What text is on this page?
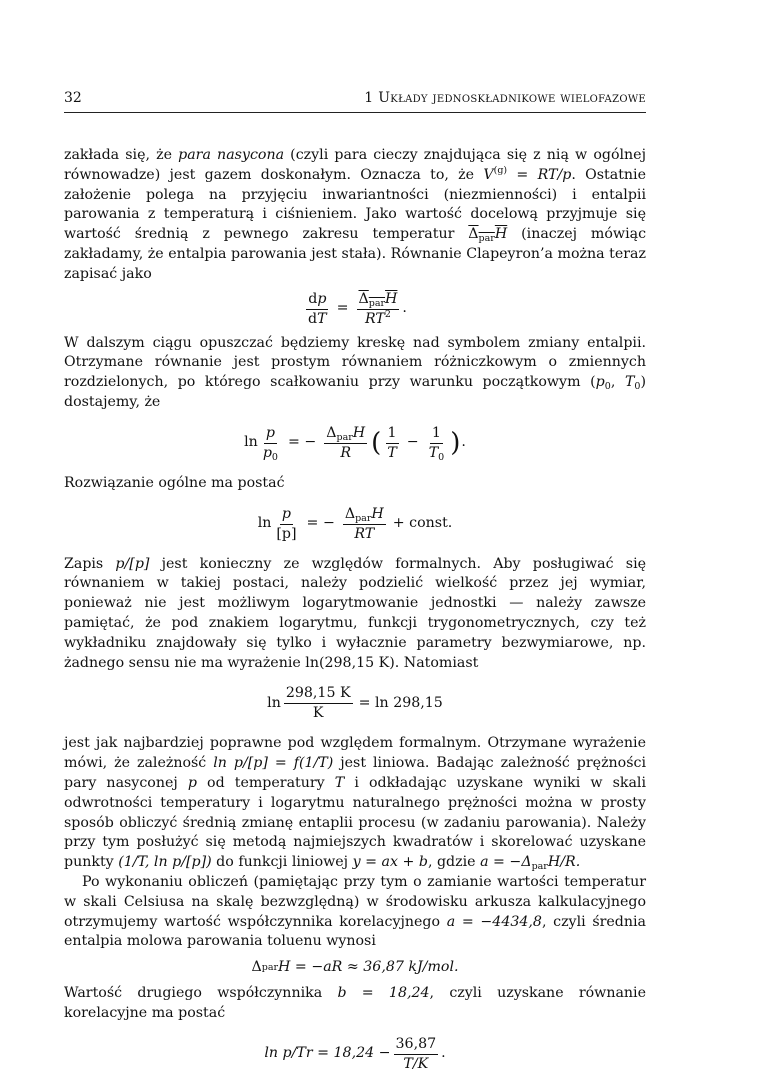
32	1 Układy jednoskładnikowe wielofazowe

zakłada się, że para nasycona (czyli para cieczy znajdująca się z nią w ogólnej równowadze) jest gazem doskonałym. Oznacza to, że $V^{(g)} = RT/p$. Ostatnie założenie polega na przyjęciu inwariantności (niezmienności) i entalpii parowania z temperaturą i ciśnieniem. Jako wartość docelową przyjmuje się wartość średnią z pewnego zakresu temperatur $\Delta_{par}H$ (inaczej mówiąc zakładamy, że entalpia parowania jest stała). Równanie Clapeyron’a można teraz zapisać jako

$\frac{dp}{dT} = \frac{\Delta_{par}H}{RT^2}$ .

W dalszym ciągu opuszczać będziemy kreskę nad symbolem zmiany entalpii. Otrzymane równanie jest prostym równaniem różniczkowym o zmiennych rozdzielonych, po którego scałkowaniu przy warunku początkowym ($p_0$, $T_0$) dostajemy, że

$\ln \frac{p}{p_0}$ = − $\frac{\Delta_{par}H}{R}$ ( $\frac{1}{T} - \frac{1}{T_0}$ ) .

Rozwiązanie ogólne ma postać

$\ln \frac{p}{[p]}$ = − $\frac{\Delta_{par}H}{RT}$ + const.

Zapis p/[p] jest konieczny ze względów formalnych. Aby posługiwać się równaniem w takiej postaci, należy podzielić wielkość przez jej wymiar, ponieważ nie jest możliwym logarytmowanie jednostki — należy zawsze pamiętać, że pod znakiem logarytmu, funkcji trygonometrycznych, czy też wykładniku znajdowały się tylko i wyłacznie parametry bezwymiarowe, np. żadnego sensu nie ma wyrażenie ln(298,15 K). Natomiast

$\ln \frac{298,15 K}{K} = \ln 298,15$

jest jak najbardziej poprawne pod względem formalnym. Otrzymane wyrażenie mówi, że zależność ln p/[p] = f(1/T) jest liniowa. Badając zależność prężności pary nasyconej p od temperatury T i odkładając uzyskane wyniki w skali odwrotności temperatury i logarytmu naturalnego prężności można w prosty sposób obliczyć średnią zmianę entaplii procesu (w zadaniu parowania). Należy przy tym posłużyć się metodą najmiejszych kwadratów i skorelować uzyskane punkty (1/T, ln p/[p]) do funkcji liniowej y = ax + b, gdzie $a = -\Delta_{par}H/R$.

Po wykonaniu obliczeń (pamiętając przy tym o zamianie wartości temperatur w skali Celsiusa na skalę bezwzględną) w środowisku arkusza kalkulacyjnego otrzymujemy wartość współczynnika korelacyjnego a = −4434,8, czyli średnia entalpia molowa parowania toluenu wynosi

Δ par H = −aR ≈ 36,87 kJ/mol.

Wartość drugiego współczynnika b = 18,24, czyli uzyskane równanie korelacyjne ma postać

$\ln p/Tr = 18,24 - \frac{36,87}{T/K}$ .
